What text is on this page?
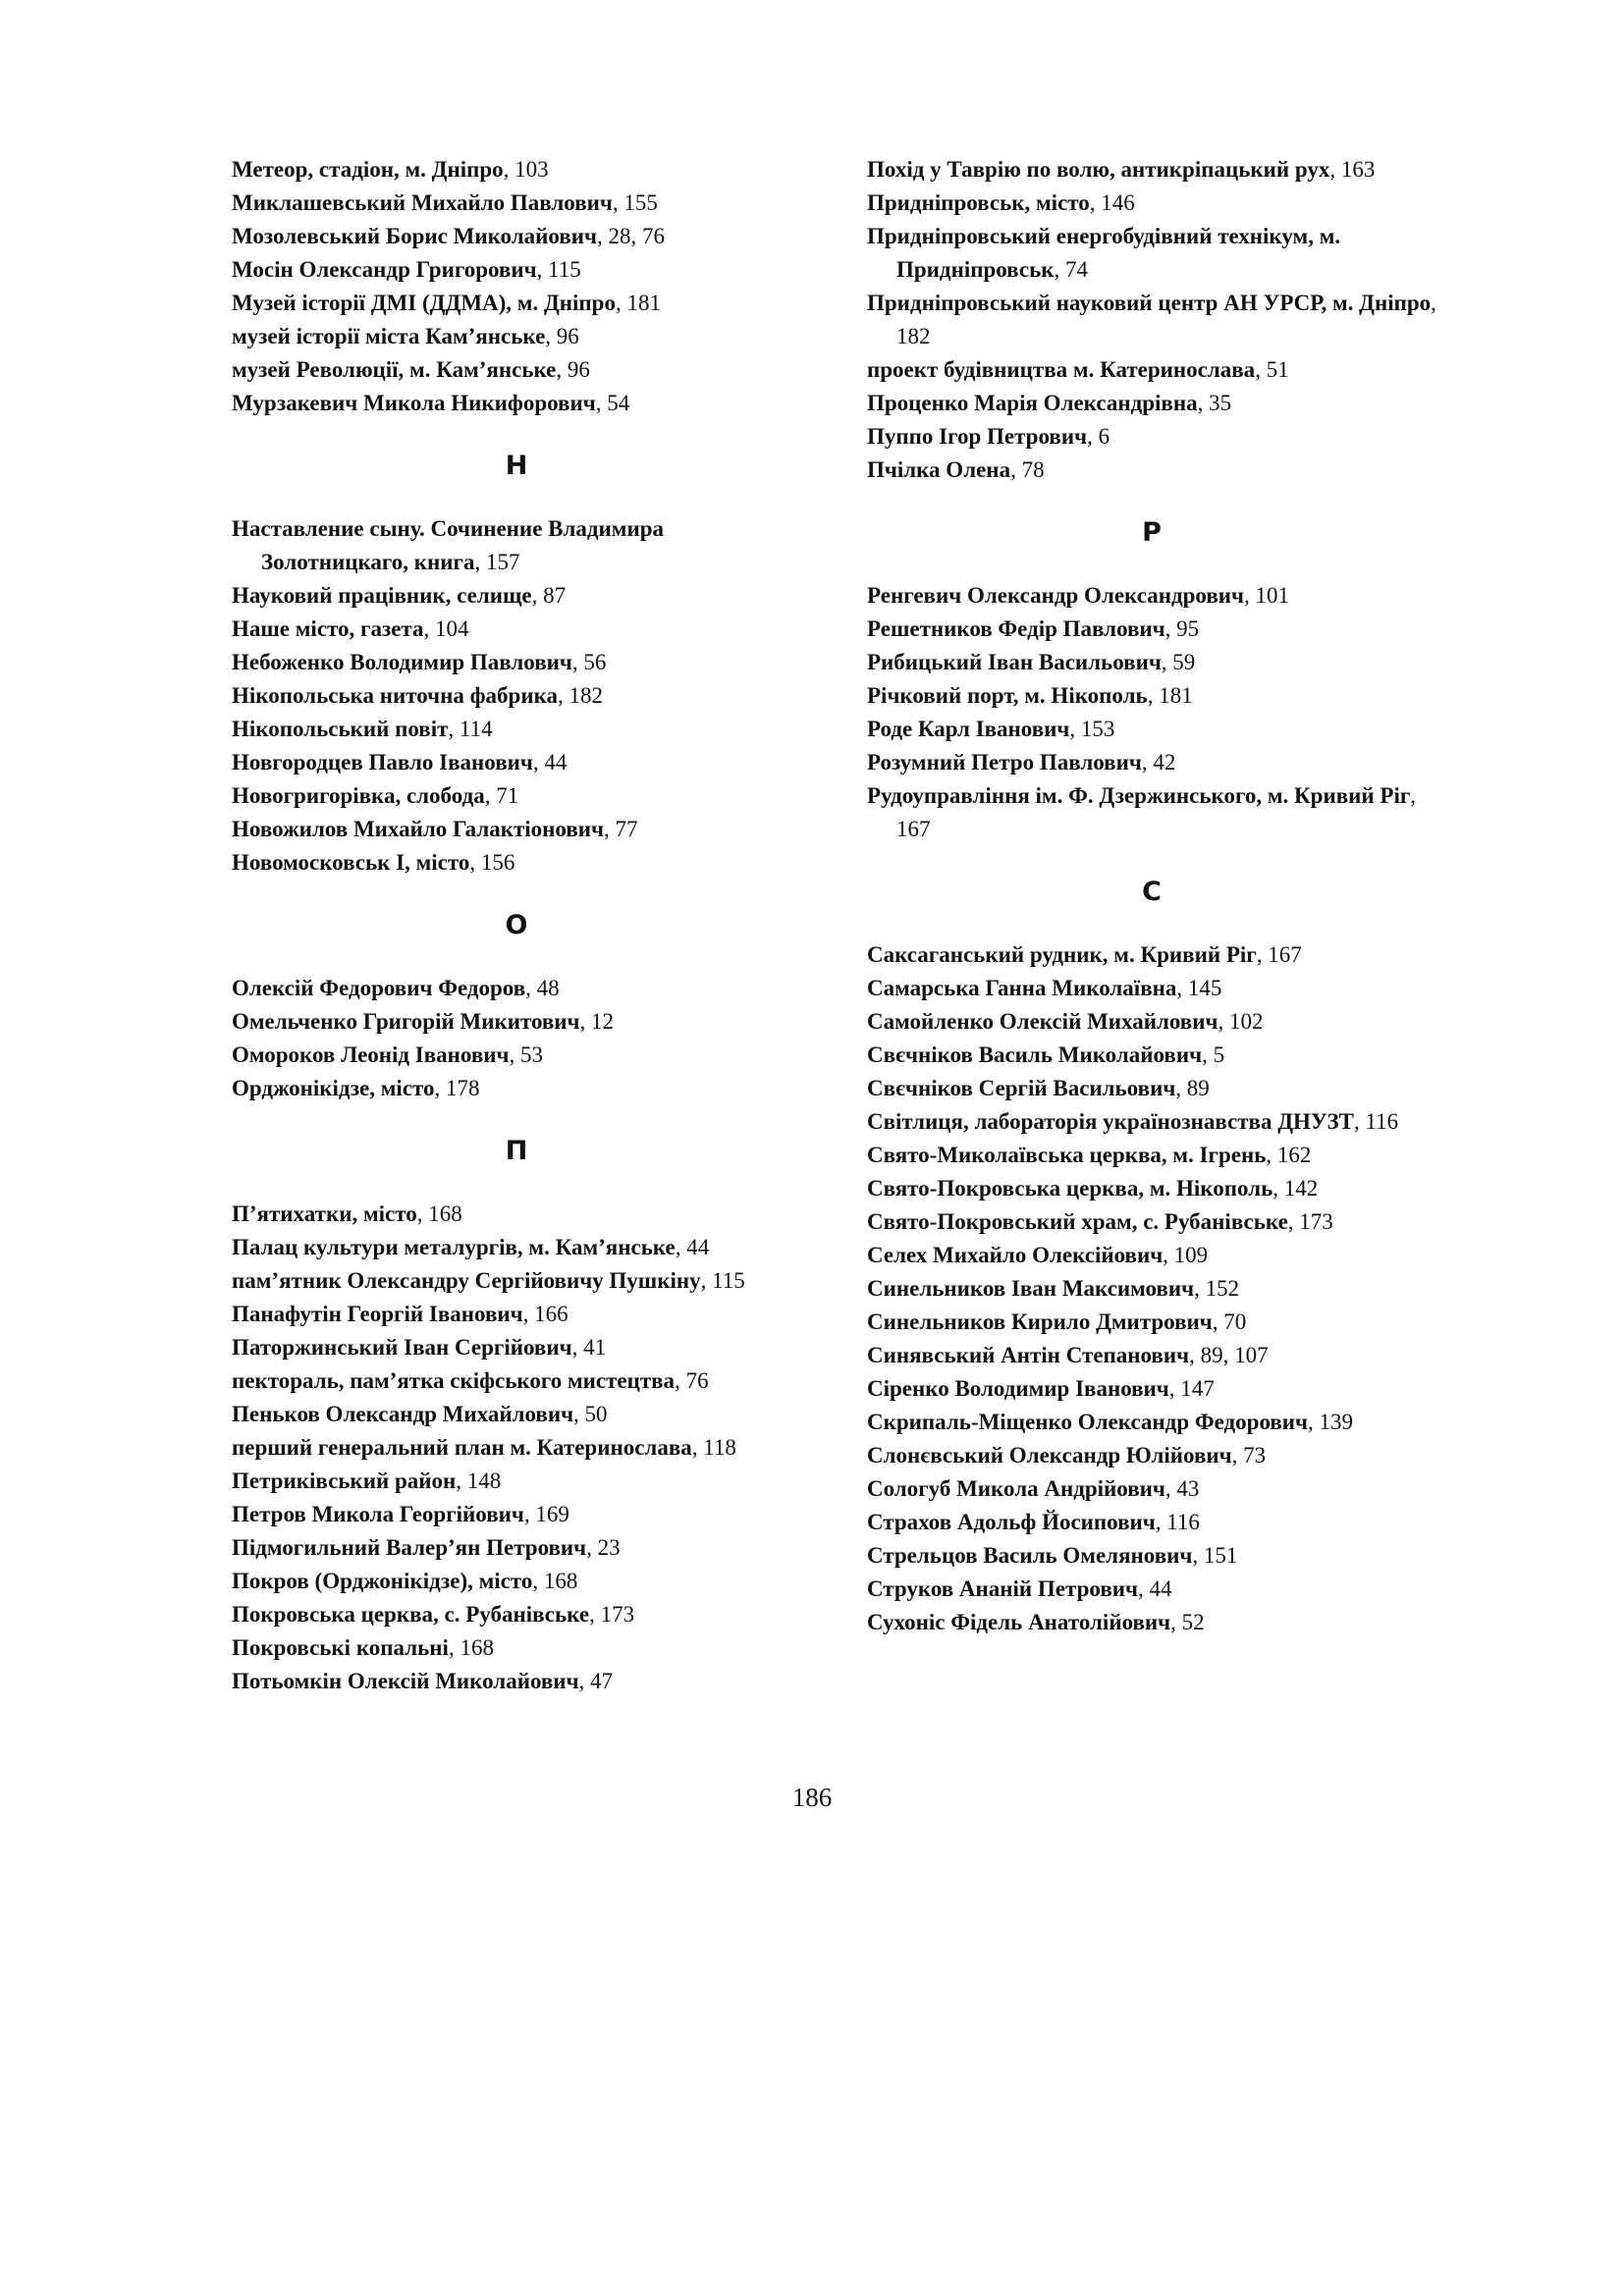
Метеор, стадіон, м. Дніпро, 103

Миклашевський Михайло Павлович, 155

Мозолевський Борис Миколайович, 28, 76

Мосін Олександр Григорович, 115

Музей історії ДМІ (ДДМА), м. Дніпро, 181

музей історії міста Кам’янське, 96

музей Революції, м. Кам’янське, 96

Мурзакевич Микола Никифорович, 54

Н

Наставление сыну. Сочинение Владимира Золотницкаго, книга, 157

Науковий працівник, селище, 87

Наше місто, газета, 104

Небоженко Володимир Павлович, 56

Нікопольська ниточна фабрика, 182

Нікопольський повіт, 114

Новгородцев Павло Іванович, 44

Новогригорівка, слобода, 71

Новожилов Михайло Галактіонович, 77

Новомосковськ І, місто, 156

О

Олексій Федорович Федоров, 48

Омельченко Григорій Микитович, 12

Омороков Леонід Іванович, 53

Орджонікідзе, місто, 178

П

П’ятихатки, місто, 168

Палац культури металургів, м. Кам’янське, 44

пам’ятник Олександру Сергійовичу Пушкіну, 115

Панафутін Георгій Іванович, 166

Паторжинський Іван Сергійович, 41

пектораль, пам’ятка скіфського мистецтва, 76

Пеньков Олександр Михайлович, 50

перший генеральний план м. Катеринослава, 118

Петриківський район, 148

Петров Микола Георгійович, 169

Підмогильний Валер’ян Петрович, 23

Покров (Орджонікідзе), місто, 168

Покровська церква, с. Рубанівське, 173

Покровські копальні, 168

Потьомкін Олексій Миколайович, 47

Похід у Таврію по волю, антикріпацький рух, 163

Придніпровськ, місто, 146

Придніпровський енергобудівний технікум, м. Придніпровськ, 74

Придніпровський науковий центр АН УРСР, м. Дніпро, 182

проект будівництва м. Катеринослава, 51

Проценко Марія Олександрівна, 35

Пуппо Ігор Петрович, 6

Пчілка Олена, 78

Р

Ренгевич Олександр Олександрович, 101

Решетников Федір Павлович, 95

Рибицький Іван Васильович, 59

Річковий порт, м. Нікополь, 181

Роде Карл Іванович, 153

Розумний Петро Павлович, 42

Рудоуправління ім. Ф. Дзержинського, м. Кривий Ріг, 167

С

Саксаганський рудник, м. Кривий Ріг, 167

Самарська Ганна Миколаївна, 145

Самойленко Олексій Михайлович, 102

Свєчніков Василь Миколайович, 5

Свєчніков Сергій Васильович, 89

Світлиця, лабораторія українознавства ДНУЗТ, 116

Свято-Миколаївська церква, м. Ігрень, 162

Свято-Покровська церква, м. Нікополь, 142

Свято-Покровський храм, с. Рубанівське, 173

Селех Михайло Олексійович, 109

Синельников Іван Максимович, 152

Синельников Кирило Дмитрович, 70

Синявський Антін Степанович, 89, 107

Сіренко Володимир Іванович, 147

Скрипаль-Міщенко Олександр Федорович, 139

Слонєвський Олександр Юлійович, 73

Сологуб Микола Андрійович, 43

Страхов Адольф Йосипович, 116

Стрельцов Василь Омелянович, 151

Струков Ананій Петрович, 44

Сухоніс Фідель Анатолійович, 52

186
